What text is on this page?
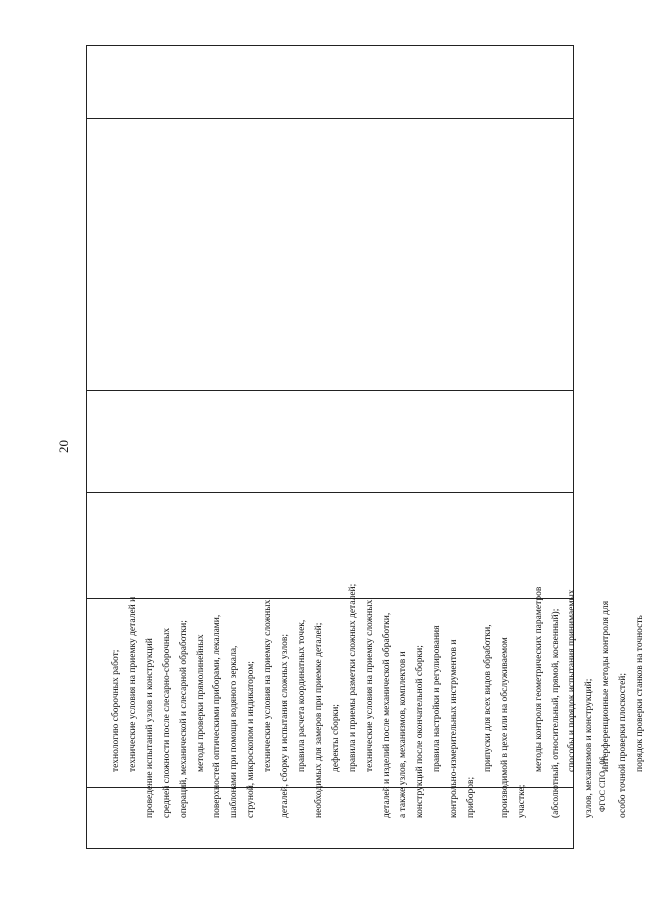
20
технологию сборочных работ; технические условия на приемку деталей и проведение испытаний узлов и конструкций средней сложности после слесарно-сборочных операций, механической и слесарной обработки; методы проверки прямолинейных поверхностей оптическими приборами, лекалами, шаблонами при помощи водяного зеркала, струной, микроскопом и индикатором; технические условия на приемку сложных деталей, сборку и испытания сложных узлов; правила расчета координатных точек, необходимых для замеров при приемке деталей; дефекты сборки; правила и приемы разметки сложных деталей; технические условия на приемку сложных деталей и изделий после механической обработки, а также узлов, механизмов, комплектов и конструкций после окончательной сборки; правила настройки и регулирования контрольно-измерительных инструментов и приборов;
припуски для всех видов обработки, производимой в цехе или на обслуживаемом участке;
методы контроля геометрических параметров (абсолютный, относительный, прямой, косвенный); способы и порядок испытания принимаемых узлов, механизмов и конструкций; интерференционные методы контроля для особо точной проверки плоскостей; порядок проверки станков на точность
ФГОС СПО - 06
